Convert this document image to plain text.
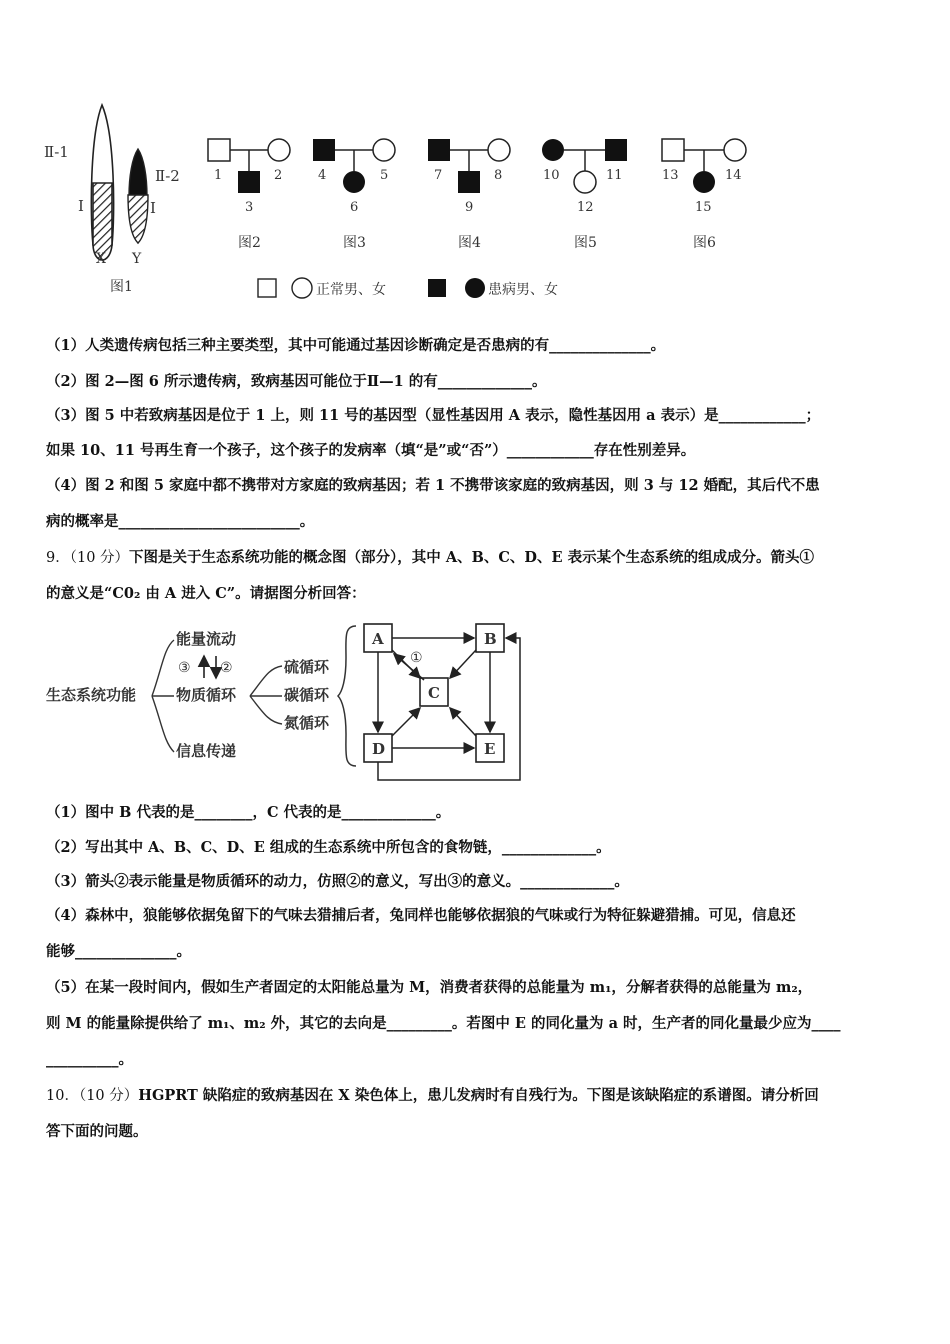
Ⅱ-1
Ⅱ-2
Ⅰ	Ⅰ
X Y
图1
1	2
3
图2
4	5
6
图3
7	8
9
图4
10	11
12
图5
13	14
15
图6
正常男、女	患病男、女
（1）人类遗传病包括三种主要类型，其中可能通过基因诊断确定是否患病的有______________。
（2）图 2—图 6 所示遗传病，致病基因可能位于Ⅱ—1 的有_____________。
（3）图 5 中若致病基因是位于 1 上，则 11 号的基因型（显性基因用 A 表示，隐性基因用 a 表示）是____________；
如果 10、11 号再生育一个孩子，这个孩子的发病率（填“是”或“否”）____________存在性别差异。
（4）图 2 和图 5 家庭中都不携带对方家庭的致病基因；若 1 不携带该家庭的致病基因，则 3 与 12 婚配，其后代不患
病的概率是_________________________。
9．（10 分）下图是关于生态系统功能的概念图（部分），其中 A、B、C、D、E 表示某个生态系统的组成成分。箭头①
的意义是“C0₂ 由 A 进入 C”。请据图分析回答：
生态系统功能
能量流动
③ ②
物质循环
信息传递
硫循环
碳循环
氮循环
A	B
C
D	E
①
（1）图中 B 代表的是________，C 代表的是_____________。
（2）写出其中 A、B、C、D、E 组成的生态系统中所包含的食物链，_____________。
（3）箭头②表示能量是物质循环的动力，仿照②的意义，写出③的意义。_____________。
（4）森林中，狼能够依据兔留下的气味去猎捕后者，兔同样也能够依据狼的气味或行为特征躲避猎捕。可见，信息还
能够______________。
（5）在某一段时间内，假如生产者固定的太阳能总量为 M，消费者获得的总能量为 m₁，分解者获得的总能量为 m₂，
则 M 的能量除提供给了 m₁、m₂ 外，其它的去向是_________。若图中 E 的同化量为 a 时，生产者的同化量最少应为____
__________。
10．（10 分）HGPRT 缺陷症的致病基因在 X 染色体上，患儿发病时有自残行为。下图是该缺陷症的系谱图。请分析回
答下面的问题。
